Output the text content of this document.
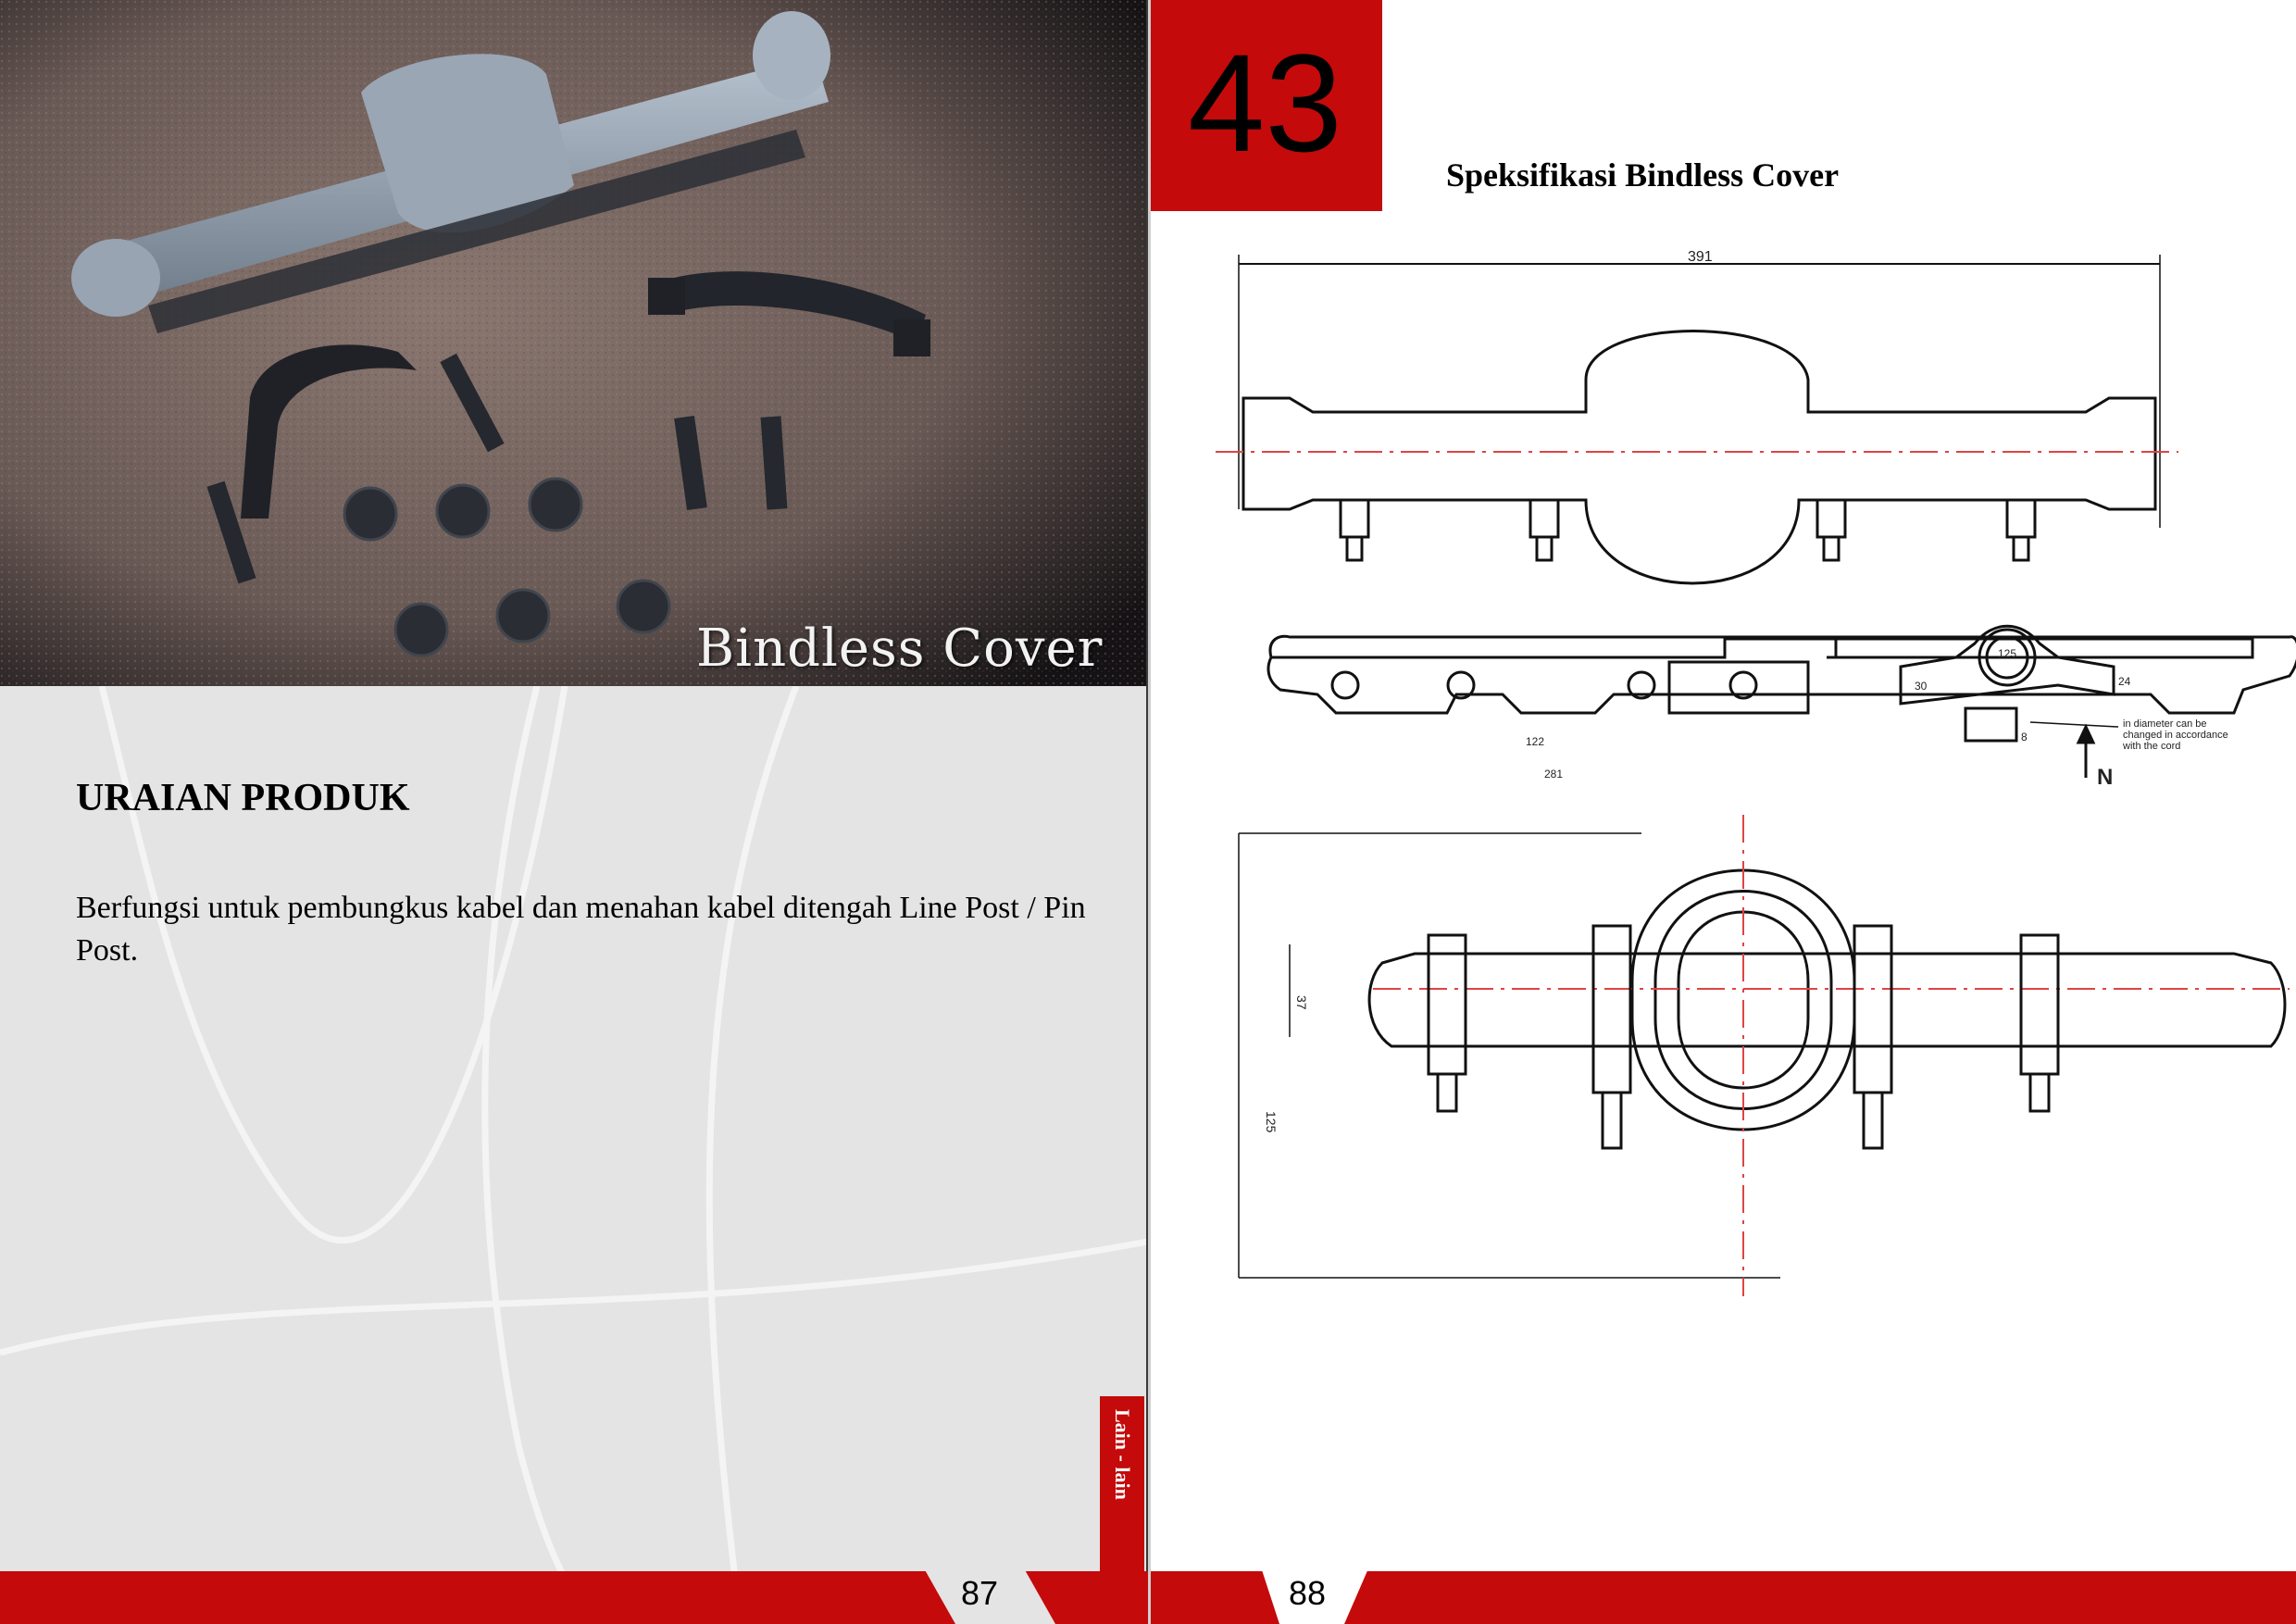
URAIAN PRODUK

Berfungsi untuk pembungkus kabel dan menahan kabel ditengah Line Post / Pin Post.

Lain - lain
Bindless Cover
43	Speksifikasi Bindless Cover
391
125
24
30
8
122
281
in diameter can be
changed in accordance
with the cord
N
125
37
87	88
